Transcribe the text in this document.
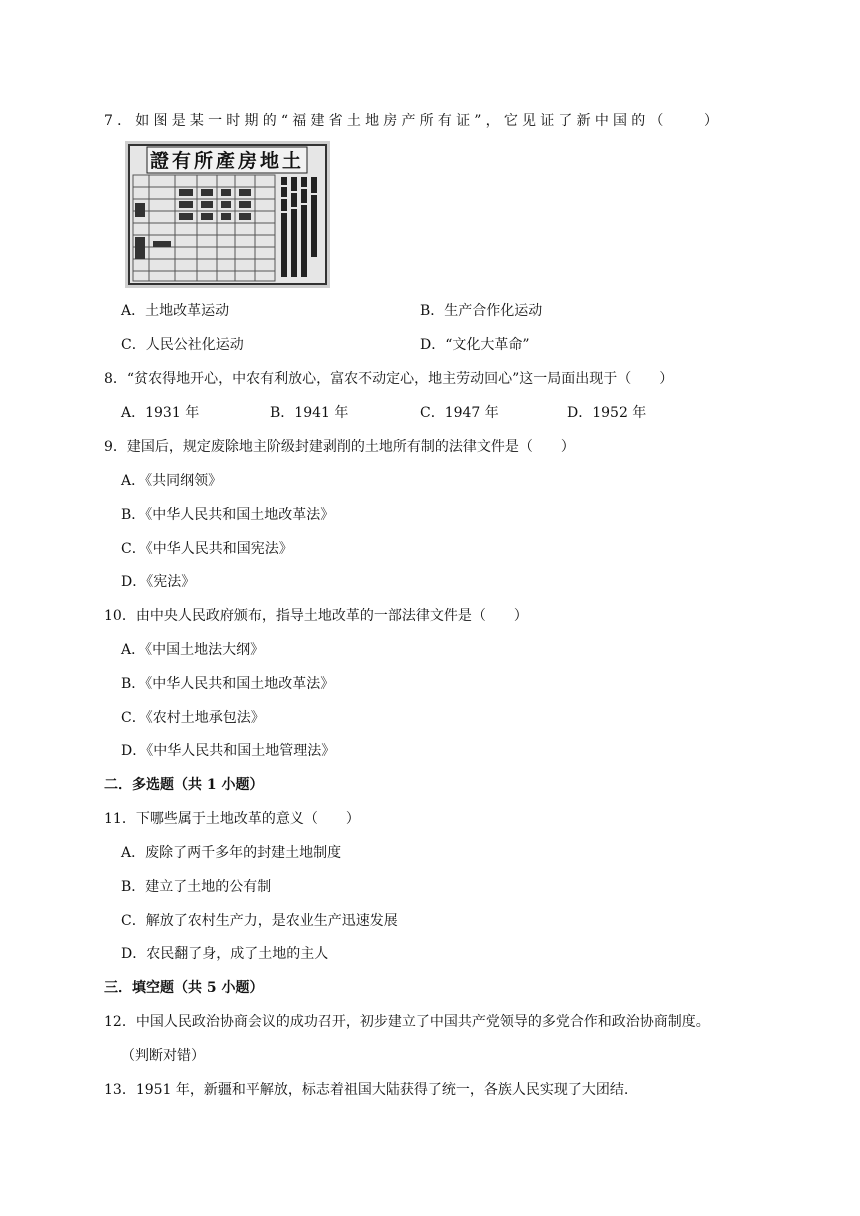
7．如图是某一时期的“福建省土地房产所有证”，它见证了新中国的（　　）
證有所產房地土
A．土地改革运动	B．生产合作化运动
C．人民公社化运动	D．“文化大革命”
8．“贫农得地开心，中农有利放心，富农不动定心，地主劳动回心”这一局面出现于（　　）
A．1931 年	B．1941 年	C．1947 年	D．1952 年
9．建国后，规定废除地主阶级封建剥削的土地所有制的法律文件是（　　）
A．《共同纲领》
B．《中华人民共和国土地改革法》
C．《中华人民共和国宪法》
D．《宪法》
10．由中央人民政府颁布，指导土地改革的一部法律文件是（　　）
A．《中国土地法大纲》
B．《中华人民共和国土地改革法》
C．《农村土地承包法》
D．《中华人民共和国土地管理法》
二．多选题（共 1 小题）
11．下哪些属于土地改革的意义（　　）
A．废除了两千多年的封建土地制度
B．建立了土地的公有制
C．解放了农村生产力，是农业生产迅速发展
D．农民翻了身，成了土地的主人
三．填空题（共 5 小题）
12．中国人民政治协商会议的成功召开，初步建立了中国共产党领导的多党合作和政治协商制度。
（判断对错）
13．1951 年，新疆和平解放，标志着祖国大陆获得了统一，各族人民实现了大团结.
